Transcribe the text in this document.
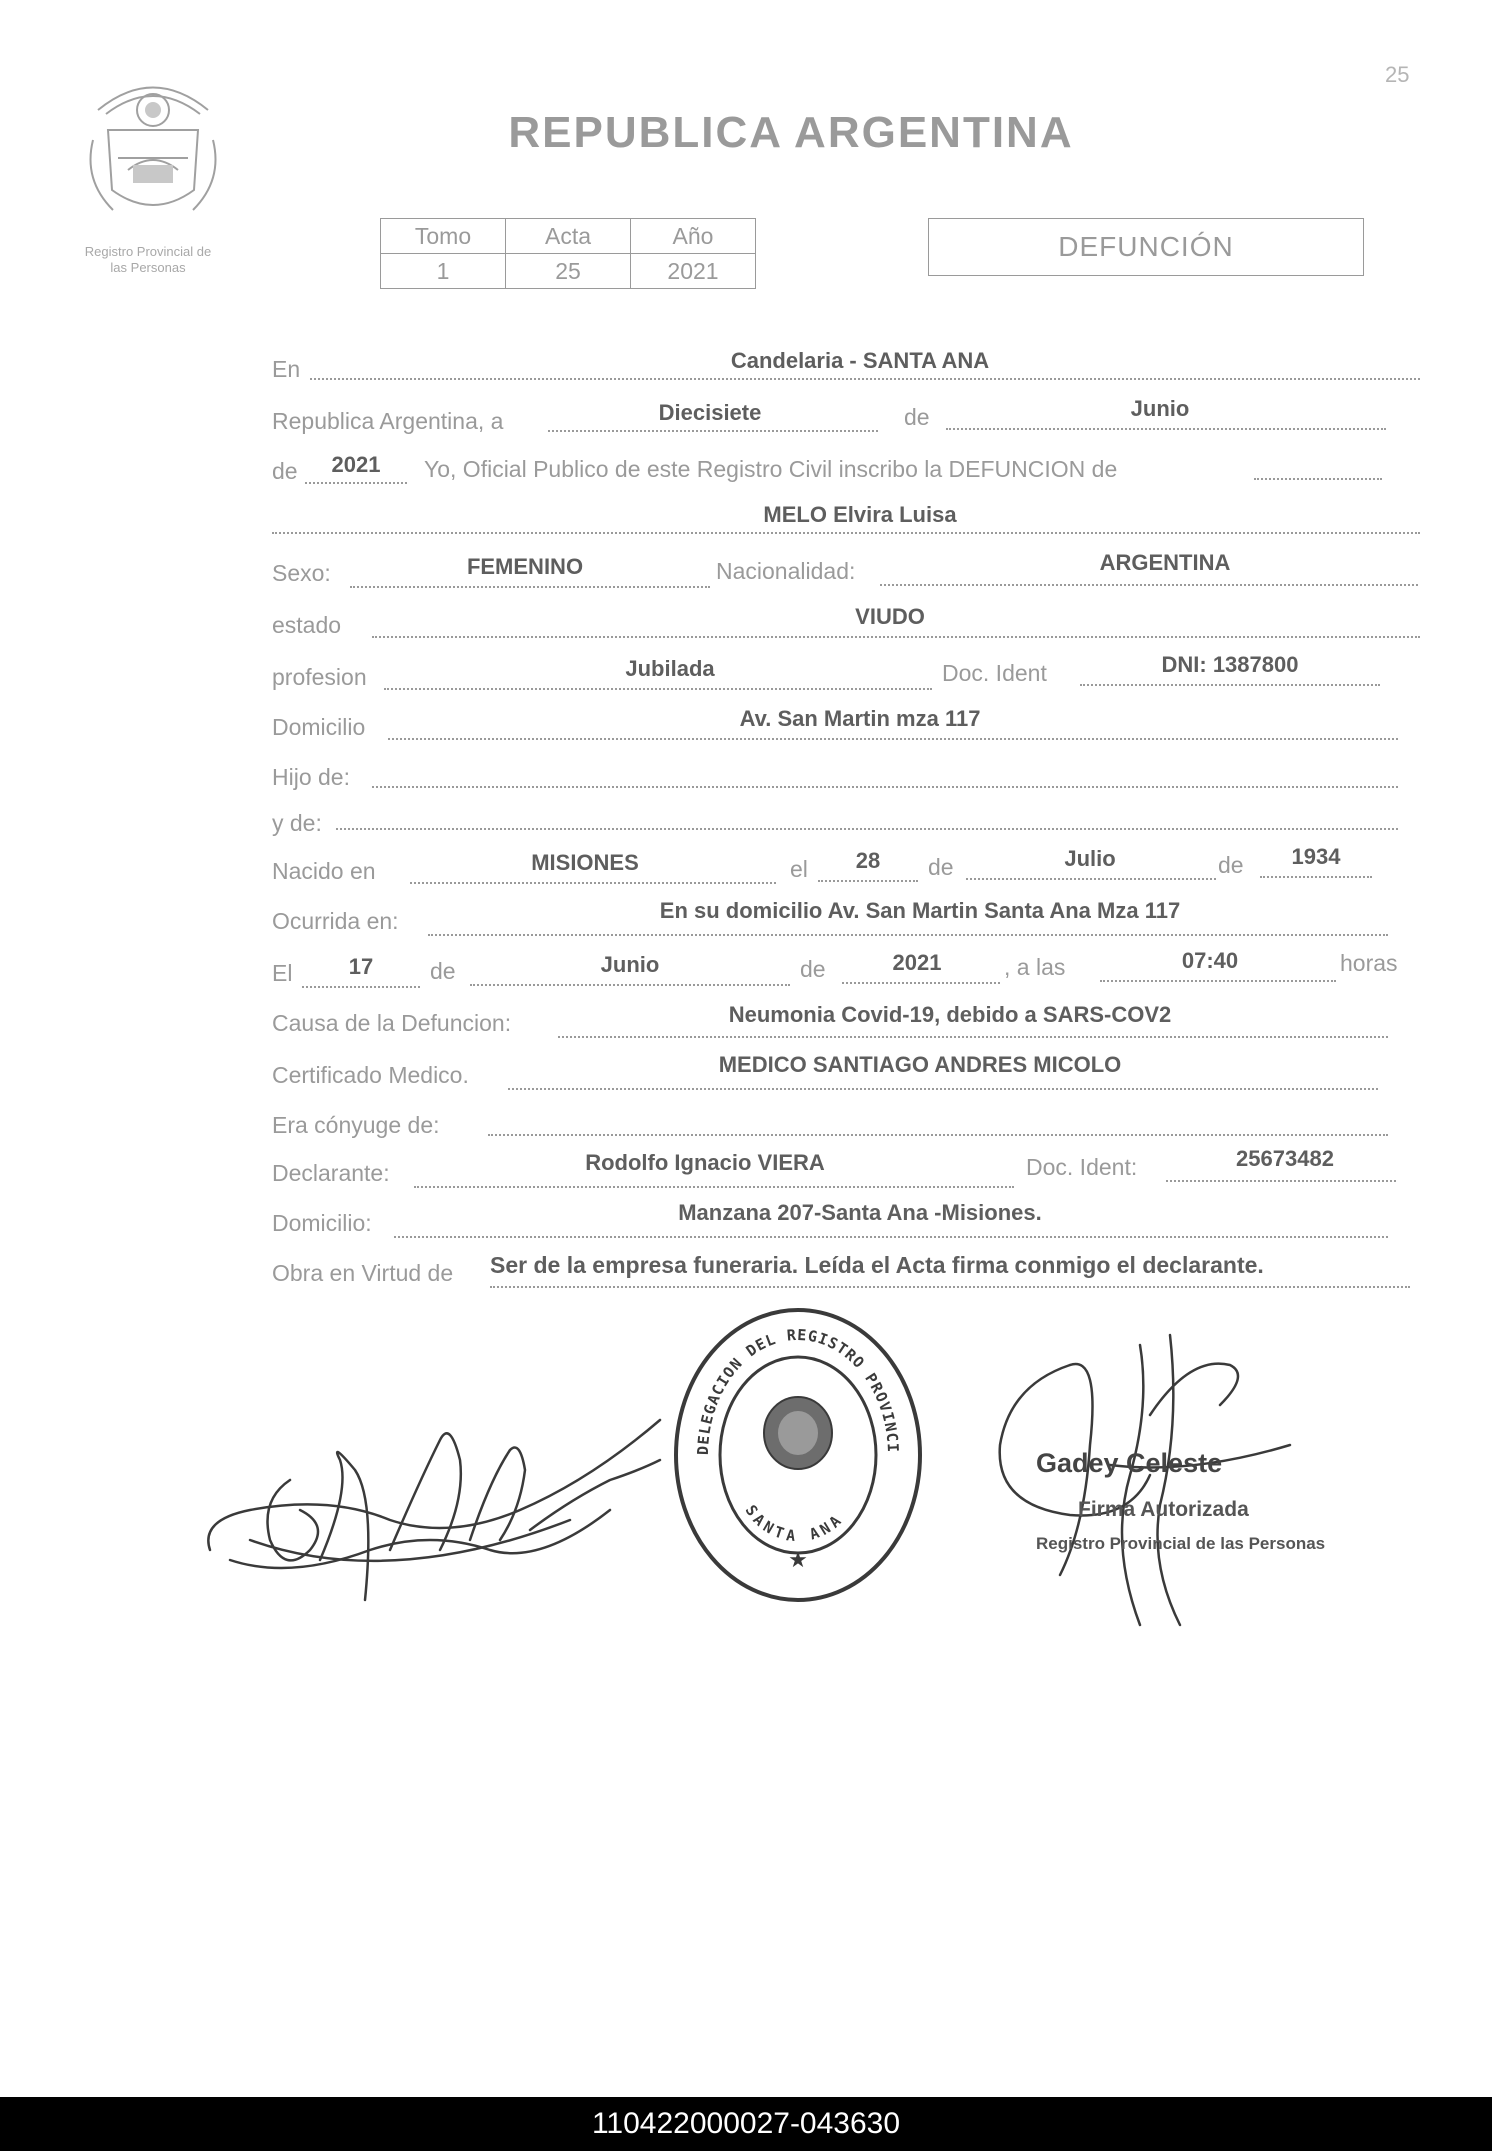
25
Registro Provincial de
las Personas
REPUBLICA ARGENTINA
Tomo	Acta	Año
1	25	2021
DEFUNCIÓN
En	Candelaria - SANTA ANA
Republica Argentina, a	Diecisiete	de	Junio
de	2021	Yo, Oficial Publico de este Registro Civil inscribo la DEFUNCION de
MELO Elvira Luisa
Sexo:	FEMENINO	Nacionalidad:	ARGENTINA
estado	VIUDO
profesion	Jubilada	Doc. Ident	DNI: 1387800
Domicilio	Av. San Martin mza 117
Hijo de:
y de:
Nacido en	MISIONES	el	28	de	Julio	de	1934
Ocurrida en:	En su domicilio Av. San Martin Santa Ana Mza 117
El	17	de	Junio	de	2021	, a las	07:40	horas
Causa de la Defuncion:	Neumonia Covid-19, debido a SARS-COV2
Certificado Medico.	MEDICO SANTIAGO ANDRES MICOLO
Era cónyuge de:
Declarante:	Rodolfo Ignacio VIERA	Doc. Ident:	25673482
Domicilio:	Manzana 207-Santa Ana -Misiones.
Obra en Virtud de Ser de la empresa funeraria. Leída el Acta firma conmigo el declarante.
DELEGACION DEL REGISTRO PROVINCI
SANTA ANA
★
Gadey Celeste
Firma Autorizada
Registro Provincial de las Personas
110422000027-043630
